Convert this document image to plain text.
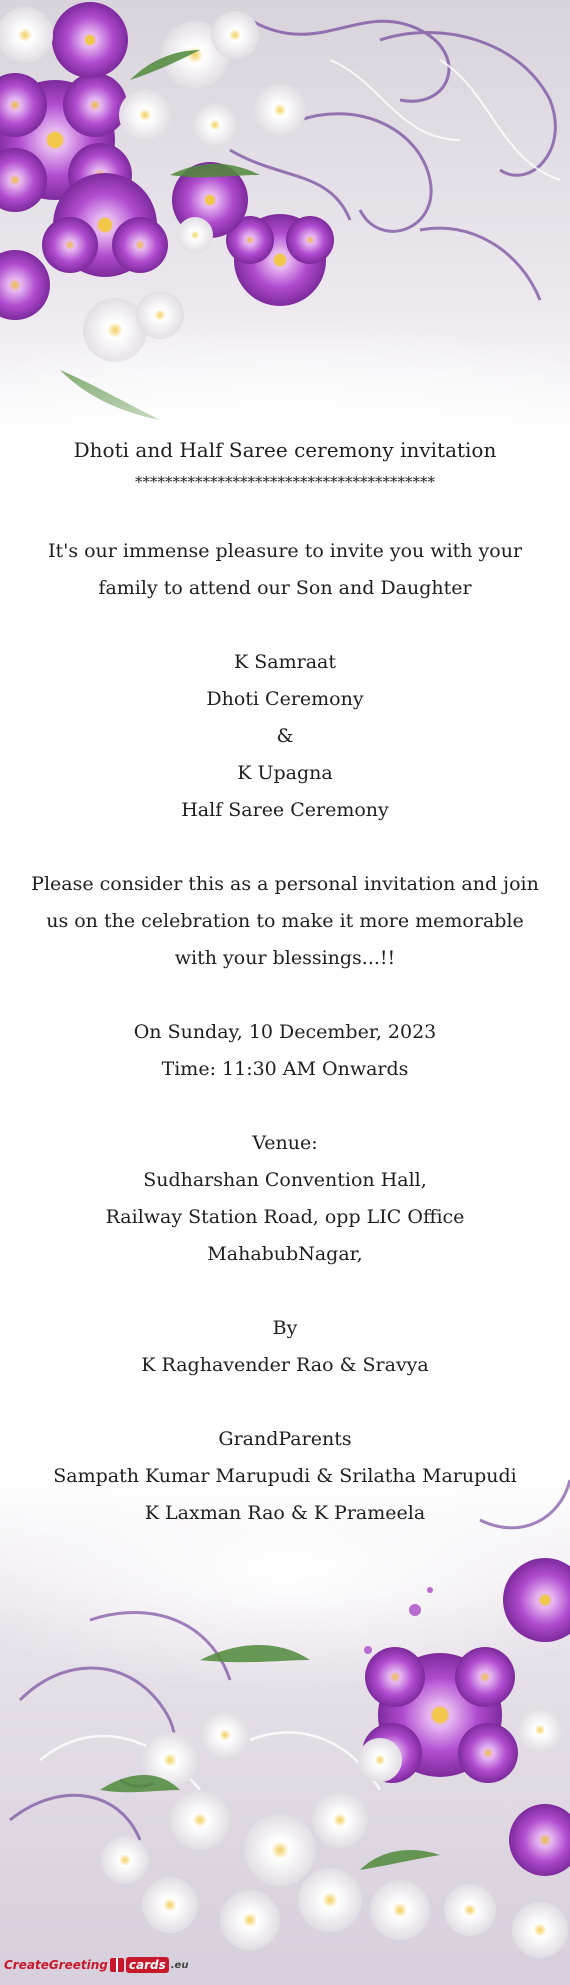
Dhoti and Half Saree ceremony invitation
****************************************
It's our immense pleasure to invite you with your
family to attend our Son and Daughter
K Samraat
Dhoti Ceremony
&
K Upagna
Half Saree Ceremony
Please consider this as a personal invitation and join
us on the celebration to make it more memorable
with your blessings...!!
On Sunday, 10 December, 2023
Time: 11:30 AM Onwards
Venue:
Sudharshan Convention Hall,
Railway Station Road, opp LIC Office
MahabubNagar,
By
K Raghavender Rao & Sravya
GrandParents
Sampath Kumar Marupudi & Srilatha Marupudi
K Laxman Rao & K Prameela
CreateGreeting cards .eu
